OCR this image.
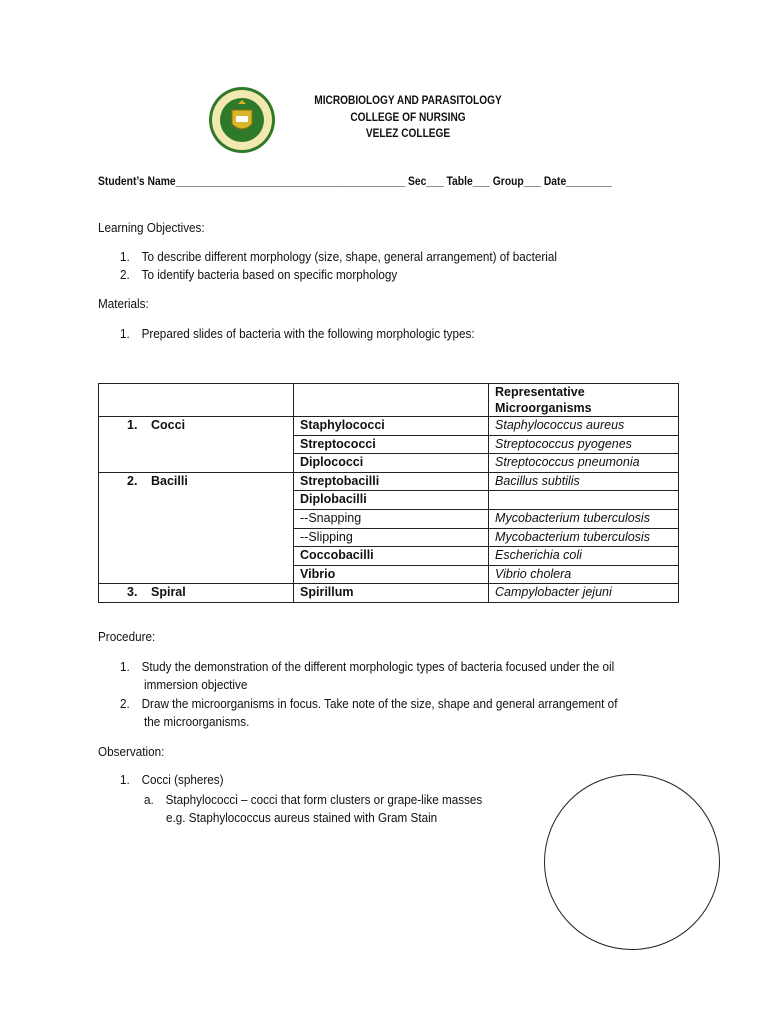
MICROBIOLOGY AND PARASITOLOGY
COLLEGE OF NURSING
VELEZ COLLEGE
Student’s Name________________________________________ Sec___ Table___ Group___ Date________
Learning Objectives:
1. To describe different morphology (size, shape, general arrangement) of bacterial
2. To identify bacteria based on specific morphology
Materials:
1. Prepared slides of bacteria with the following morphologic types:
		Representative Microorganisms
1. Cocci	Staphylococci	Staphylococcus aureus
	Streptococci	Streptococcus pyogenes
	Diplococci	Streptococcus pneumonia
2. Bacilli	Streptobacilli	Bacillus subtilis
	Diplobacilli	
	--Snapping	Mycobacterium tuberculosis
	--Slipping	Mycobacterium tuberculosis
	Coccobacilli	Escherichia coli
	Vibrio	Vibrio cholera
3. Spiral	Spirillum	Campylobacter jejuni
Procedure:
1. Study the demonstration of the different morphologic types of bacteria focused under the oil
immersion objective
2. Draw the microorganisms in focus. Take note of the size, shape and general arrangement of
the microorganisms.
Observation:
1. Cocci (spheres)
a. Staphylococci – cocci that form clusters or grape-like masses
e.g. Staphylococcus aureus stained with Gram Stain
